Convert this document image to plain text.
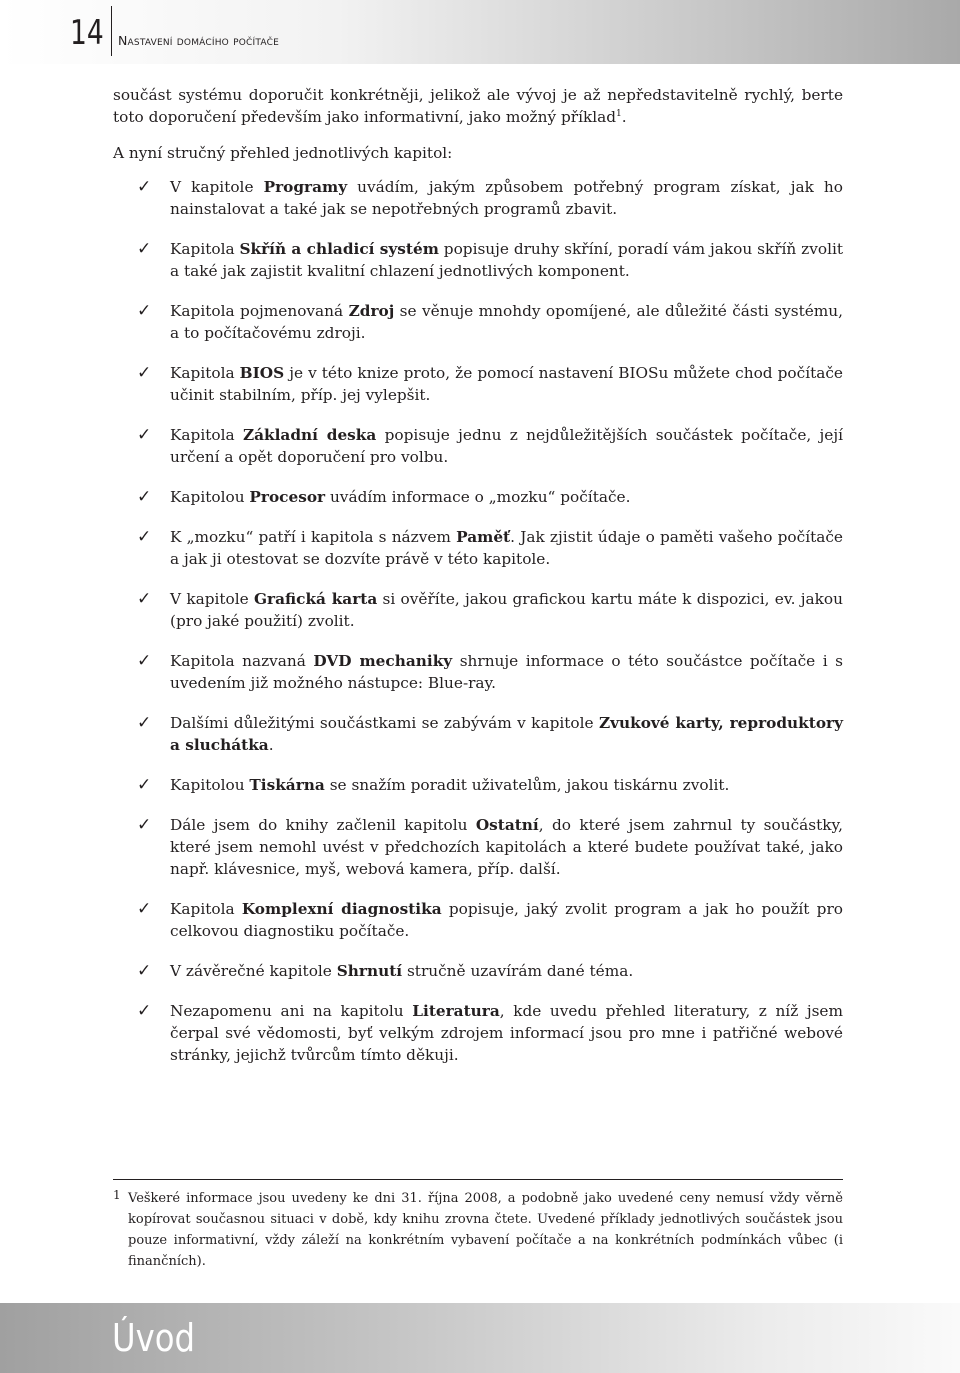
14 Nastavení domácího počítače

součást systému doporučit konkrétněji, jelikož ale vývoj je až nepředstavitelně rychlý, berte toto doporučení především jako informativní, jako možný příklad$^1$.

A nyní stručný přehled jednotlivých kapitol:

✓ V kapitole Programy uvádím, jakým způsobem potřebný program získat, jak ho nainstalovat a také jak se nepotřebných programů zbavit.
✓ Kapitola Skříň a chladicí systém popisuje druhy skříní, poradí vám jakou skříň zvolit a také jak zajistit kvalitní chlazení jednotlivých komponent.
✓ Kapitola pojmenovaná Zdroj se věnuje mnohdy opomíjené, ale důležité části systému, a to počítačovému zdroji.
✓ Kapitola BIOS je v této knize proto, že pomocí nastavení BIOSu můžete chod počítače učinit stabilním, příp. jej vylepšit.
✓ Kapitola Základní deska popisuje jednu z nejdůležitějších součástek počítače, její určení a opět doporučení pro volbu.
✓ Kapitolou Procesor uvádím informace o „mozku“ počítače.
✓ K „mozku“ patří i kapitola s názvem Paměť. Jak zjistit údaje o paměti vašeho počítače a jak ji otestovat se dozvíte právě v této kapitole.
✓ V kapitole Grafická karta si ověříte, jakou grafickou kartu máte k dispozici, ev. jakou (pro jaké použití) zvolit.
✓ Kapitola nazvaná DVD mechaniky shrnuje informace o této součástce počítače i s uvedením již možného nástupce: Blue-ray.
✓ Dalšími důležitými součástkami se zabývám v kapitole Zvukové karty, reproduktory a sluchátka.
✓ Kapitolou Tiskárna se snažím poradit uživatelům, jakou tiskárnu zvolit.
✓ Dále jsem do knihy začlenil kapitolu Ostatní, do které jsem zahrnul ty součástky, které jsem nemohl uvést v předchozích kapitolách a které budete používat také, jako např. klávesnice, myš, webová kamera, příp. další.
✓ Kapitola Komplexní diagnostika popisuje, jaký zvolit program a jak ho použít pro celkovou diagnostiku počítače.
✓ V závěrečné kapitole Shrnutí stručně uzavírám dané téma.
✓ Nezapomenu ani na kapitolu Literatura, kde uvedu přehled literatury, z níž jsem čerpal své vědomosti, byť velkým zdrojem informací jsou pro mne i patřičné webové stránky, jejichž tvůrcům tímto děkuji.
1 Veškeré informace jsou uvedeny ke dni 31. října 2008, a podobně jako uvedené ceny nemusí vždy věrně kopírovat současnou situaci v době, kdy knihu zrovna čtete. Uvedené příklady jednotlivých součástek jsou pouze informativní, vždy záleží na konkrétním vybavení počítače a na konkrétních podmínkách vůbec (i finančních).
Úvod
